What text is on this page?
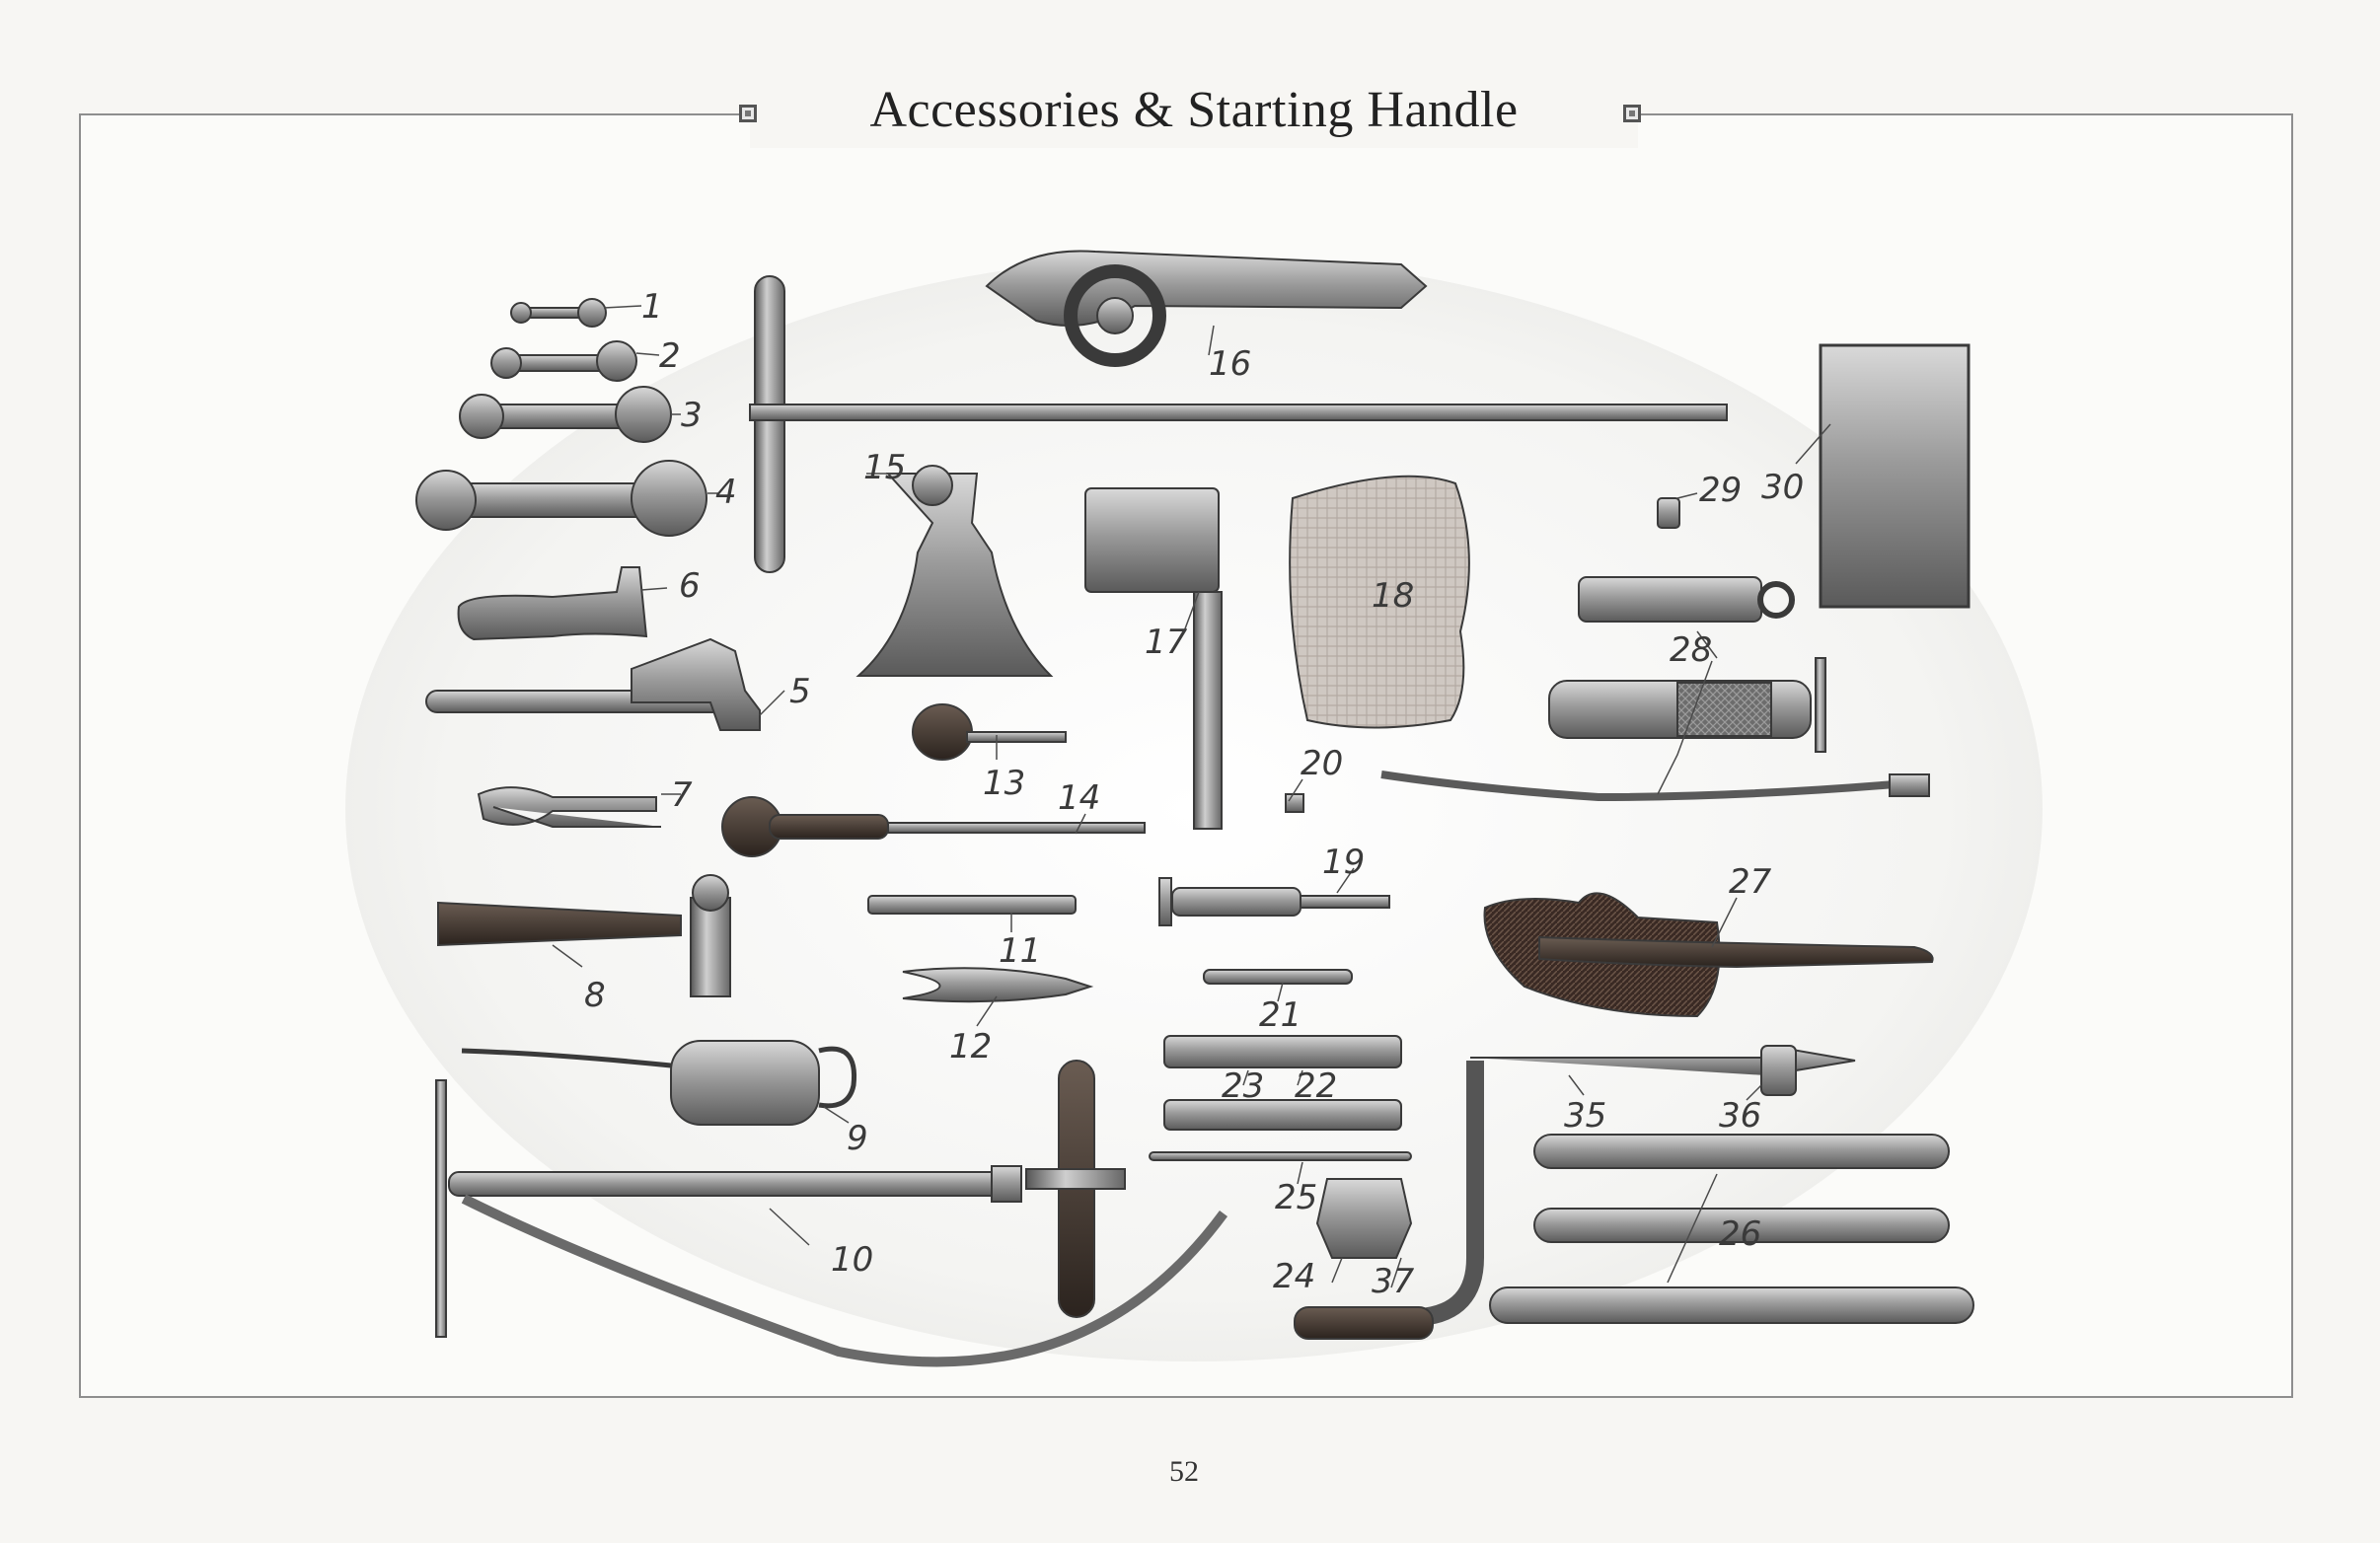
Accessories & Starting Handle
1
2
3
4
5
6
7
8
9
10
11
12
13 14
15
16
17
18
19
20
21
22
23
24
25
26
27
28
29 30
35	36
37
52
